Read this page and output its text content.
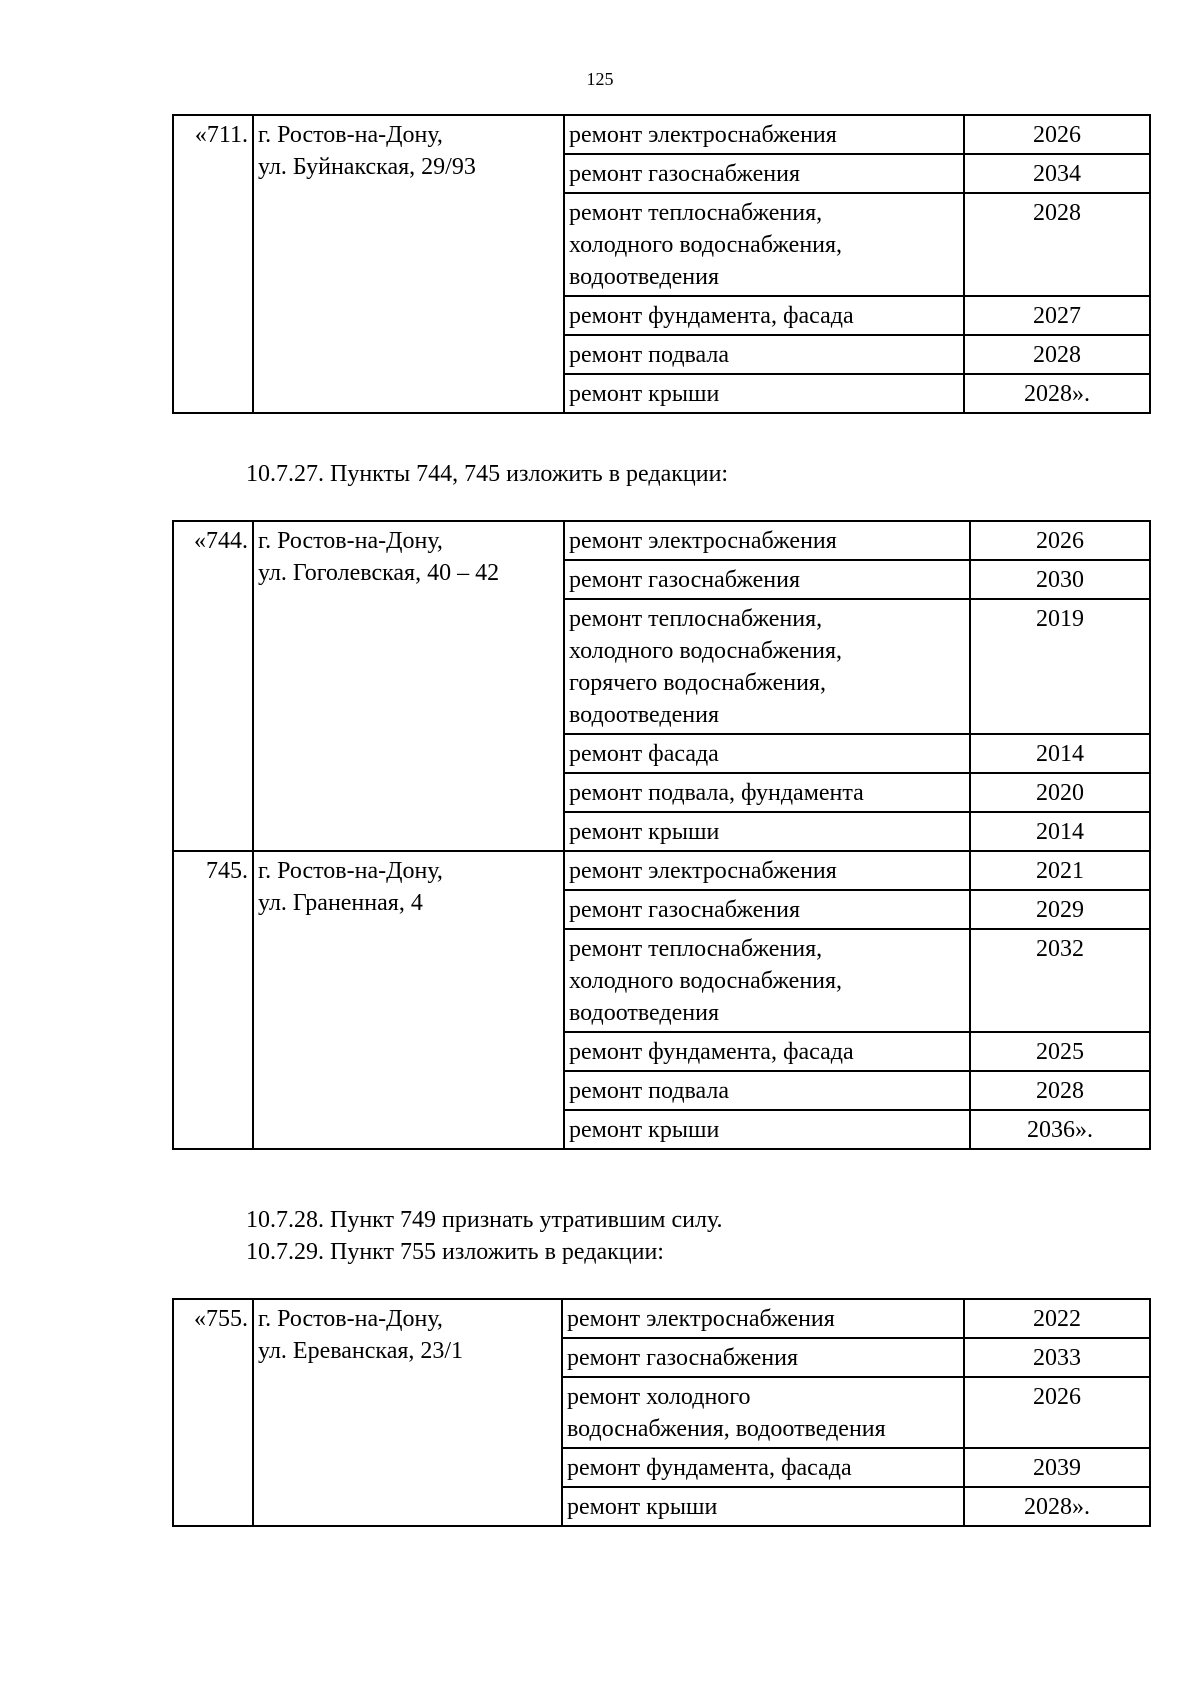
125
«711.	г. Ростов-на-Дону,
ул. Буйнакская, 29/93	ремонт электроснабжения	2026

		ремонт газоснабжения	2034

		ремонт теплоснабжения,
холодного водоснабжения,
водоотведения	2028

		ремонт фундамента, фасада	2027

		ремонт подвала	2028

		ремонт крыши	2028».
10.7.27. Пункты 744, 745 изложить в редакции:
«744.	г. Ростов-на-Дону,
ул. Гоголевская, 40 – 42	ремонт электроснабжения	2026

		ремонт газоснабжения	2030

		ремонт теплоснабжения,
холодного водоснабжения,
горячего водоснабжения,
водоотведения	2019

		ремонт фасада	2014

		ремонт подвала, фундамента	2020

		ремонт крыши	2014
745.	г. Ростов-на-Дону,
ул. Граненная, 4	ремонт электроснабжения	2021

		ремонт газоснабжения	2029

		ремонт теплоснабжения,
холодного водоснабжения,
водоотведения	2032

		ремонт фундамента, фасада	2025

		ремонт подвала	2028

		ремонт крыши	2036».
10.7.28. Пункт 749 признать утратившим силу.
10.7.29. Пункт 755 изложить в редакции:
«755.	г. Ростов-на-Дону,
ул. Ереванская, 23/1	ремонт электроснабжения	2022

		ремонт газоснабжения	2033

		ремонт холодного
водоснабжения, водоотведения	2026

		ремонт фундамента, фасада	2039

		ремонт крыши	2028».
